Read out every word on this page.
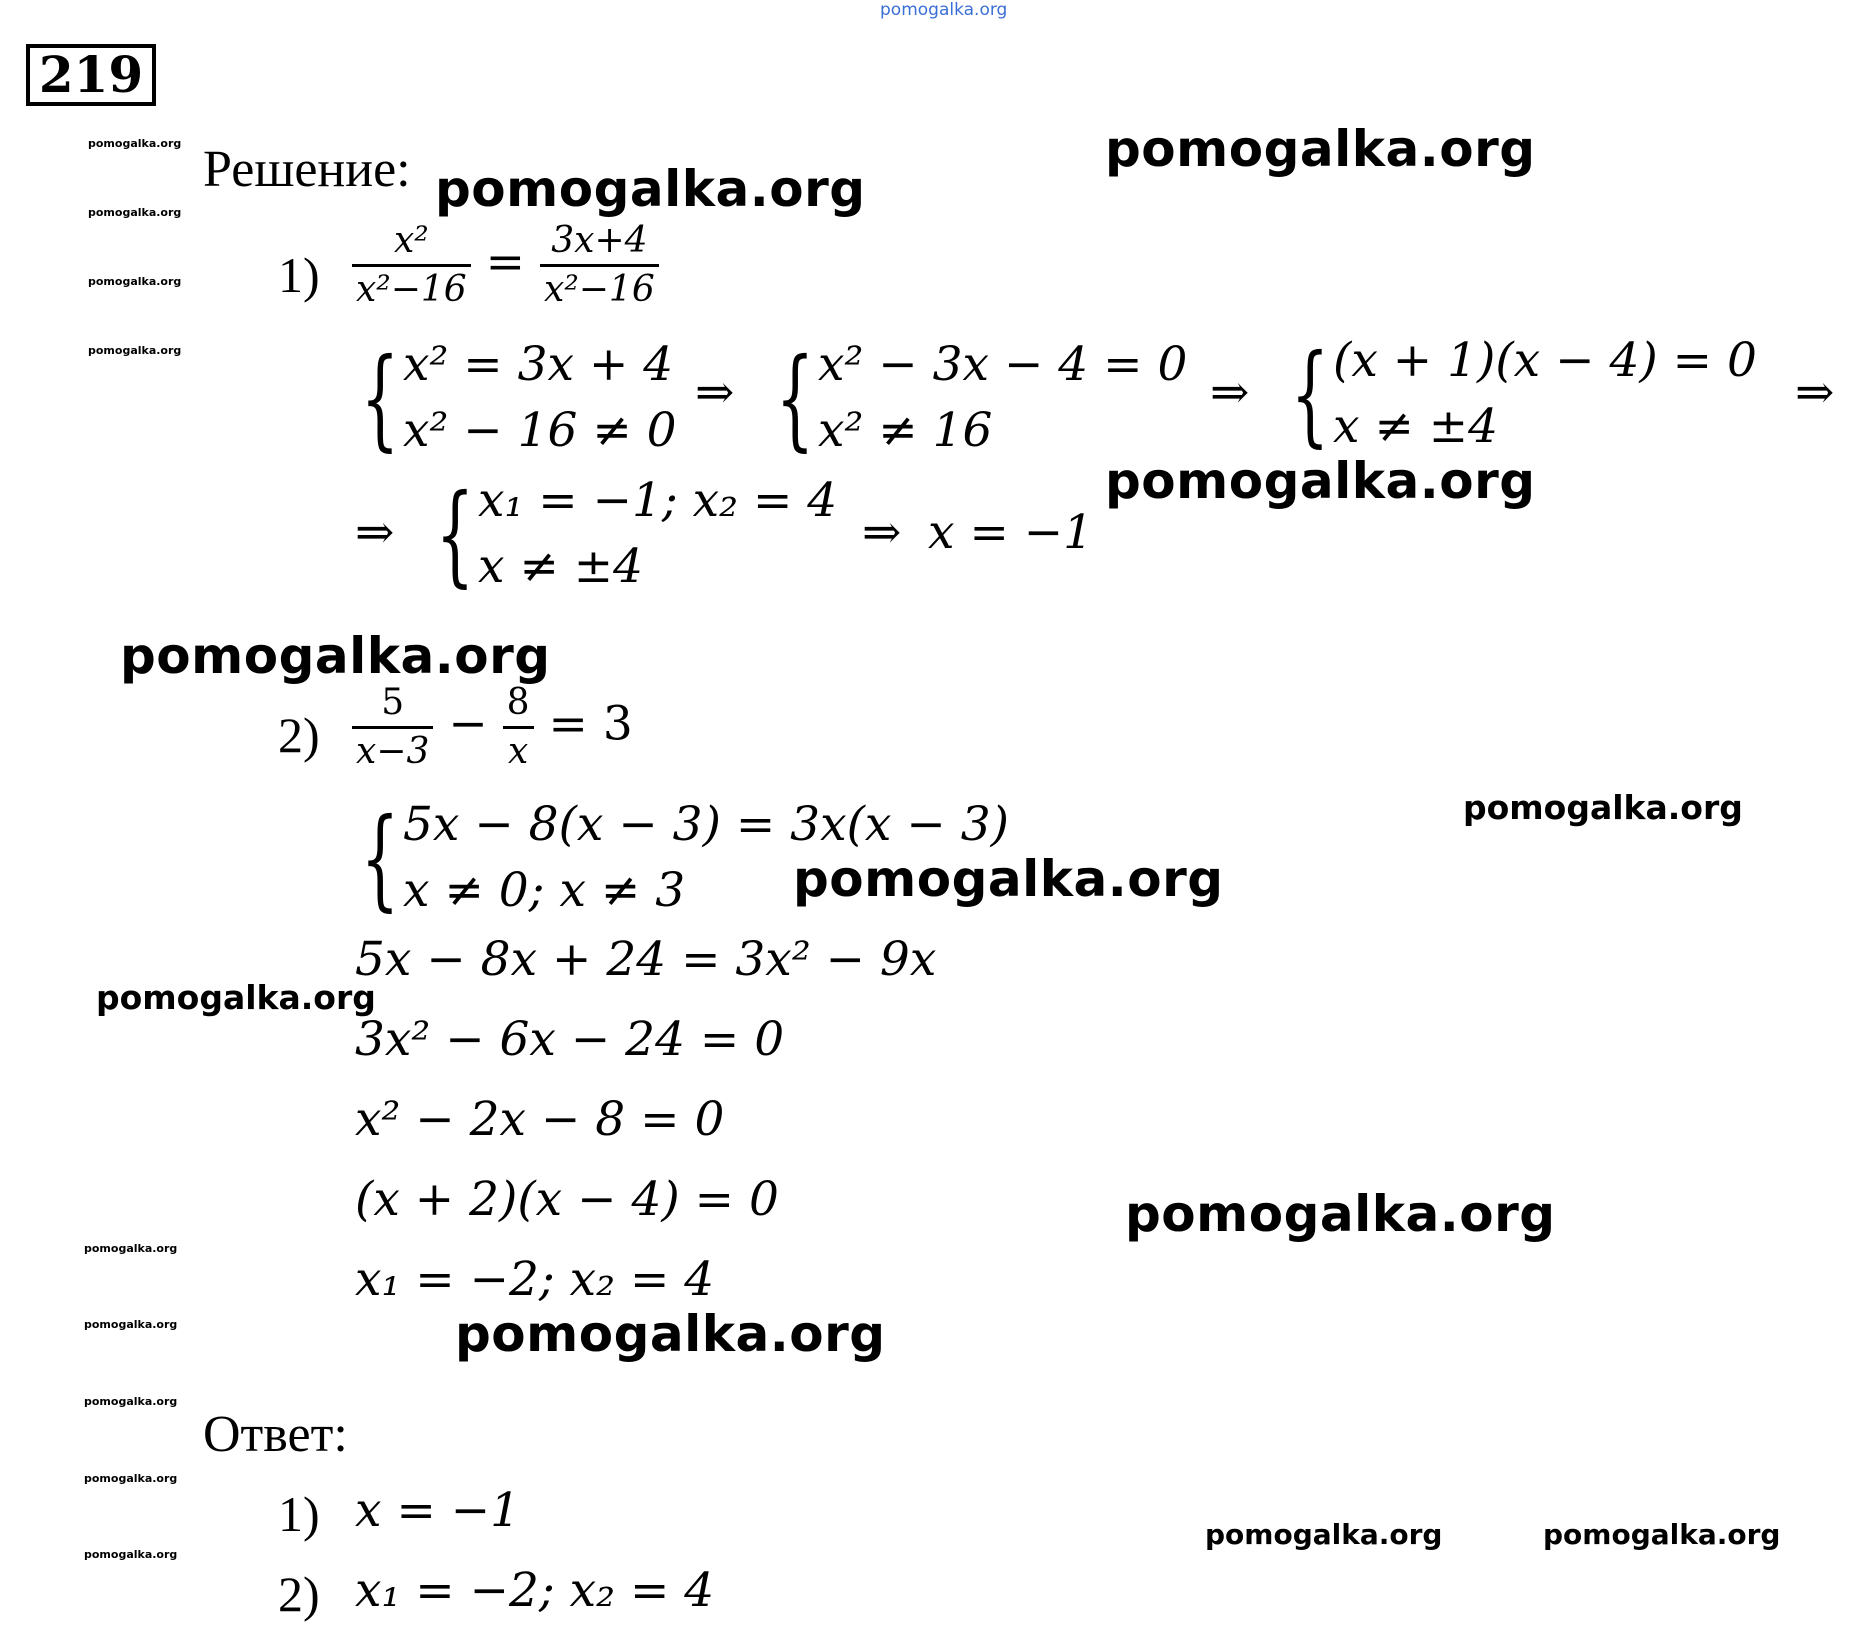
pomogalka.org
219
pomogalka.org
pomogalka.org
pomogalka.org
pomogalka.org
pomogalka.org
pomogalka.org
pomogalka.org
pomogalka.org
pomogalka.org
Решение: pomogalka.org
pomogalka.org
pomogalka.org
pomogalka.org
pomogalka.org
pomogalka.org
pomogalka.org
pomogalka.org
pomogalka.org
pomogalka.org	pomogalka.org
$1) \frac{\text{x²}}{\text{x²−16}} = \frac{3x+4}{\text{x²−16}}$
{ x² = 3x + 4
x² − 16 ≠ 0
⇒ { x² − 3x − 4 = 0
x² ≠ 16
⇒ { (x + 1)(x − 4) = 0
x ≠ ±4
⇒
⇒ { x₁ = −1; x₂ = 4
x ≠ ±4
⇒ x = −1
$2) \frac{5}{x-3} - \frac{8}{x} = 3$
{ 5x − 8(x − 3) = 3x(x − 3)
x ≠ 0; x ≠ 3
5x − 8x + 24 = 3x² − 9x
3x² − 6x − 24 = 0
x² − 2x − 8 = 0
(x + 2)(x − 4) = 0
x₁ = −2; x₂ = 4
Ответ:
1) x = −1
2) x₁ = −2; x₂ = 4
